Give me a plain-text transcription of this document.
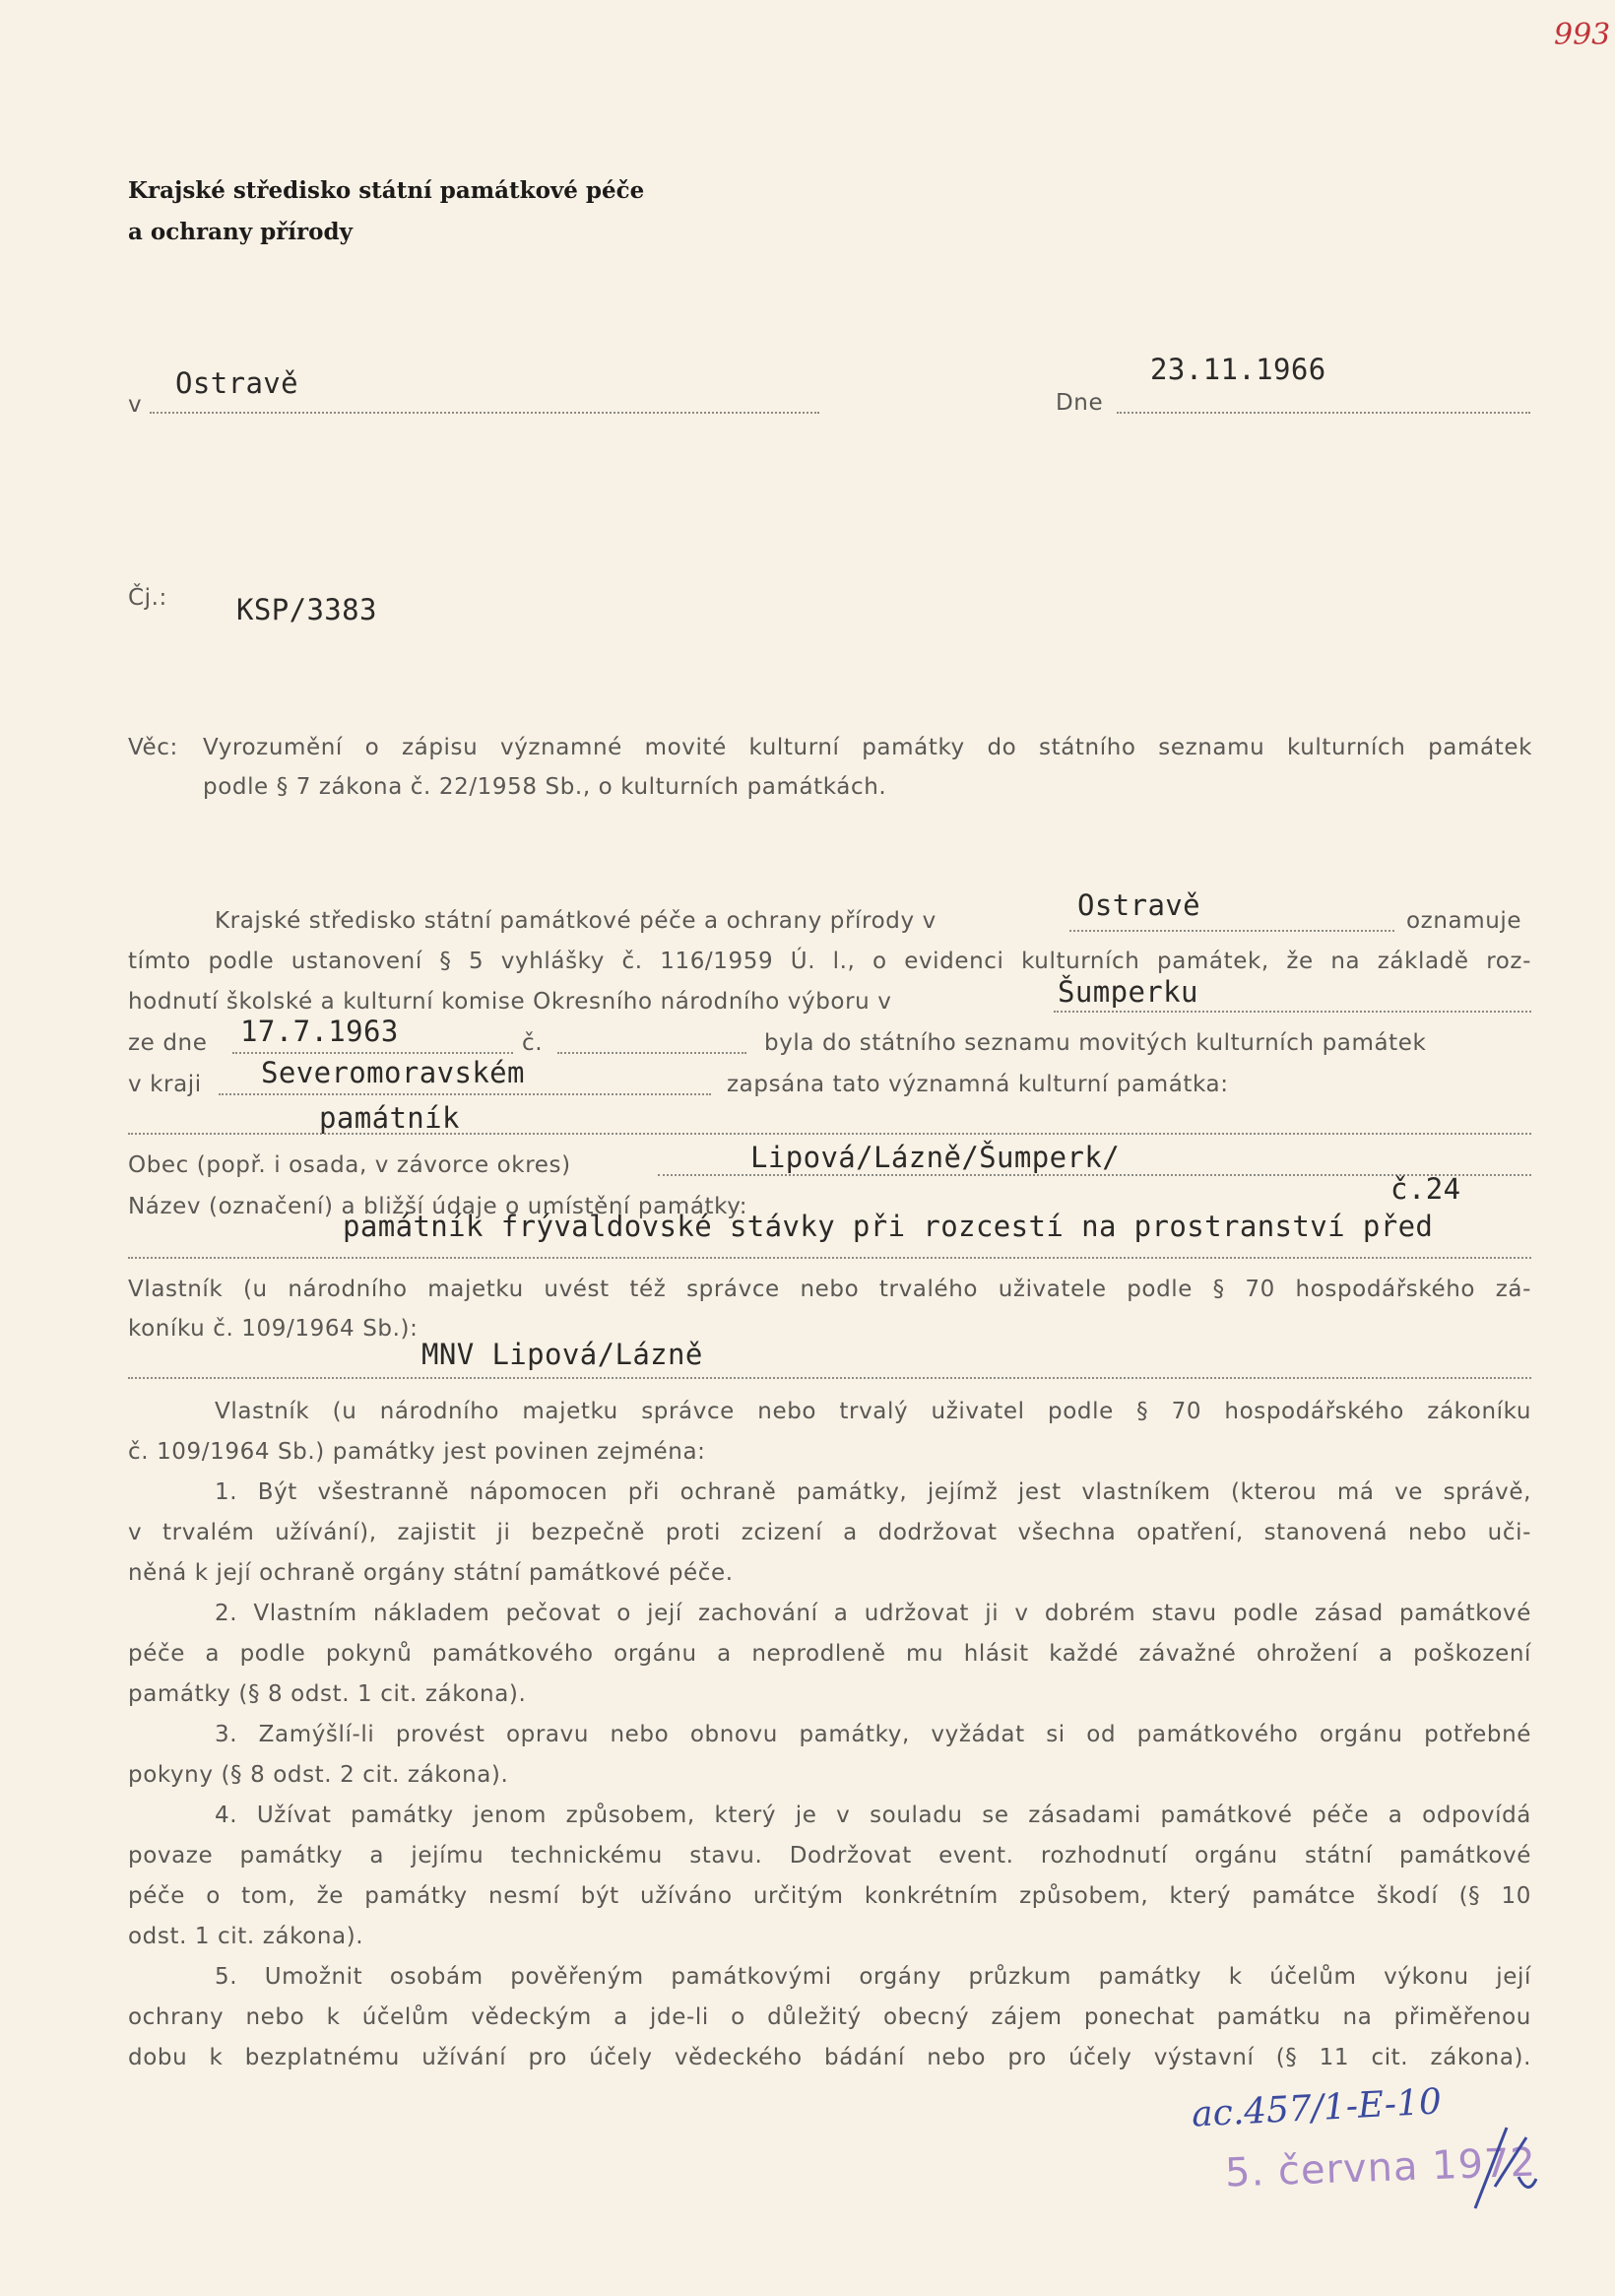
993
Krajské středisko státní památkové péče
a ochrany přírody
v
Ostravě
Dne
23.11.1966
Čj.: KSP/3383
Věc: Vyrozumění o zápisu významné movité kulturní památky do státního seznamu kulturních památek
podle § 7 zákona č. 22/1958 Sb., o kulturních památkách.
Krajské středisko státní památkové péče a ochrany přírody v	Ostravě	oznamuje
tímto podle ustanovení § 5 vyhlášky č. 116/1959 Ú. l., o evidenci kulturních památek, že na základě roz-
hodnutí školské a kulturní komise Okresního národního výboru v	Šumperku
ze dne 17.7.1963	č.	byla do státního seznamu movitých kulturních památek
v kraji Severomoravském	zapsána tato významná kulturní památka:
památník
Obec (popř. i osada, v závorce okres)	Lipová/Lázně/Šumperk/
Název (označení) a bližší údaje o umístění památky:
č.24
památník frývaldovské stávky při rozcestí na prostranství před
Vlastník (u národního majetku uvést též správce nebo trvalého uživatele podle § 70 hospodářského zá-
koníku č. 109/1964 Sb.):
MNV Lipová/Lázně
Vlastník (u národního majetku správce nebo trvalý uživatel podle § 70 hospodářského zákoníku
č. 109/1964 Sb.) památky jest povinen zejména:
1. Být všestranně nápomocen při ochraně památky, jejímž jest vlastníkem (kterou má ve správě,
v trvalém užívání), zajistit ji bezpečně proti zcizení a dodržovat všechna opatření, stanovená nebo uči-
něná k její ochraně orgány státní památkové péče.
2. Vlastním nákladem pečovat o její zachování a udržovat ji v dobrém stavu podle zásad památkové
péče a podle pokynů památkového orgánu a neprodleně mu hlásit každé závažné ohrožení a poškození
památky (§ 8 odst. 1 cit. zákona).
3. Zamýšlí-li provést opravu nebo obnovu památky, vyžádat si od památkového orgánu potřebné
pokyny (§ 8 odst. 2 cit. zákona).
4. Užívat památky jenom způsobem, který je v souladu se zásadami památkové péče a odpovídá
povaze památky a jejímu technickému stavu. Dodržovat event. rozhodnutí orgánu státní památkové
péče o tom, že památky nesmí být užíváno určitým konkrétním způsobem, který památce škodí (§ 10
odst. 1 cit. zákona).
5. Umožnit osobám pověřeným památkovými orgány průzkum památky k účelům výkonu její
ochrany nebo k účelům vědeckým a jde-li o důležitý obecný zájem ponechat památku na přiměřenou
dobu k bezplatnému užívání pro účely vědeckého bádání nebo pro účely výstavní (§ 11 cit. zákona).
ac.457/1-E-10
5. června 1972
